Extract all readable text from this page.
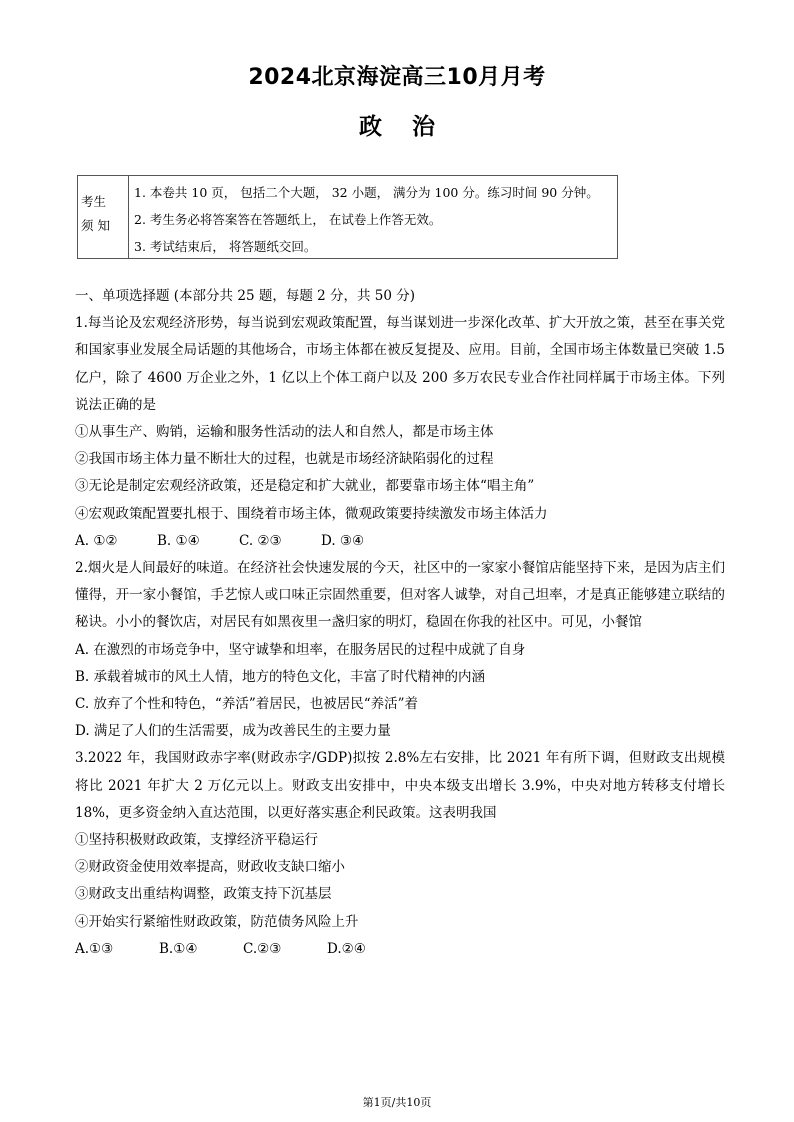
2024北京海淀高三10月月考
政治
考生
须 知
1. 本卷共 10 页， 包括二个大题， 32 小题， 满分为 100 分。练习时间 90 分钟。
2. 考生务必将答案答在答题纸上， 在试卷上作答无效。
3. 考试结束后， 将答题纸交回。
一、单项选择题 (本部分共 25 题，每题 2 分，共 50 分)
1.每当论及宏观经济形势，每当说到宏观政策配置，每当谋划进一步深化改革、扩大开放之策，甚至在事关党和国家事业发展全局话题的其他场合，市场主体都在被反复提及、应用。目前，全国市场主体数量已突破 1.5 亿户，除了 4600 万企业之外，1 亿以上个体工商户以及 200 多万农民专业合作社同样属于市场主体。下列说法正确的是
①从事生产、购销，运输和服务性活动的法人和自然人，都是市场主体
②我国市场主体力量不断壮大的过程，也就是市场经济缺陷弱化的过程
③无论是制定宏观经济政策，还是稳定和扩大就业，都要靠市场主体“唱主角”
④宏观政策配置要扎根于、围绕着市场主体，微观政策要持续激发市场主体活力
A. ①②	B. ①④	C. ②③	D. ③④
2.烟火是人间最好的味道。在经济社会快速发展的今天，社区中的一家家小餐馆店能坚持下来，是因为店主们懂得，开一家小餐馆，手艺惊人或口味正宗固然重要，但对客人诚挚，对自己坦率，才是真正能够建立联结的秘诀。小小的餐饮店，对居民有如黑夜里一盏归家的明灯，稳固在你我的社区中。可见，小餐馆
A. 在激烈的市场竞争中，坚守诚挚和坦率，在服务居民的过程中成就了自身
B. 承载着城市的风土人情，地方的特色文化，丰富了时代精神的内涵
C. 放弃了个性和特色，“养活”着居民，也被居民“养活”着
D. 满足了人们的生活需要，成为改善民生的主要力量
3.2022 年，我国财政赤字率(财政赤字/GDP)拟按 2.8%左右安排，比 2021 年有所下调，但财政支出规模将比 2021 年扩大 2 万亿元以上。财政支出安排中，中央本级支出增长 3.9%，中央对地方转移支付增长 18%，更多资金纳入直达范围，以更好落实惠企利民政策。这表明我国
①坚持积极财政政策，支撑经济平稳运行
②财政资金使用效率提高，财政收支缺口缩小
③财政支出重结构调整，政策支持下沉基层
④开始实行紧缩性财政政策，防范债务风险上升
A.①③	B.①④	C.②③	D.②④
第1页/共10页
